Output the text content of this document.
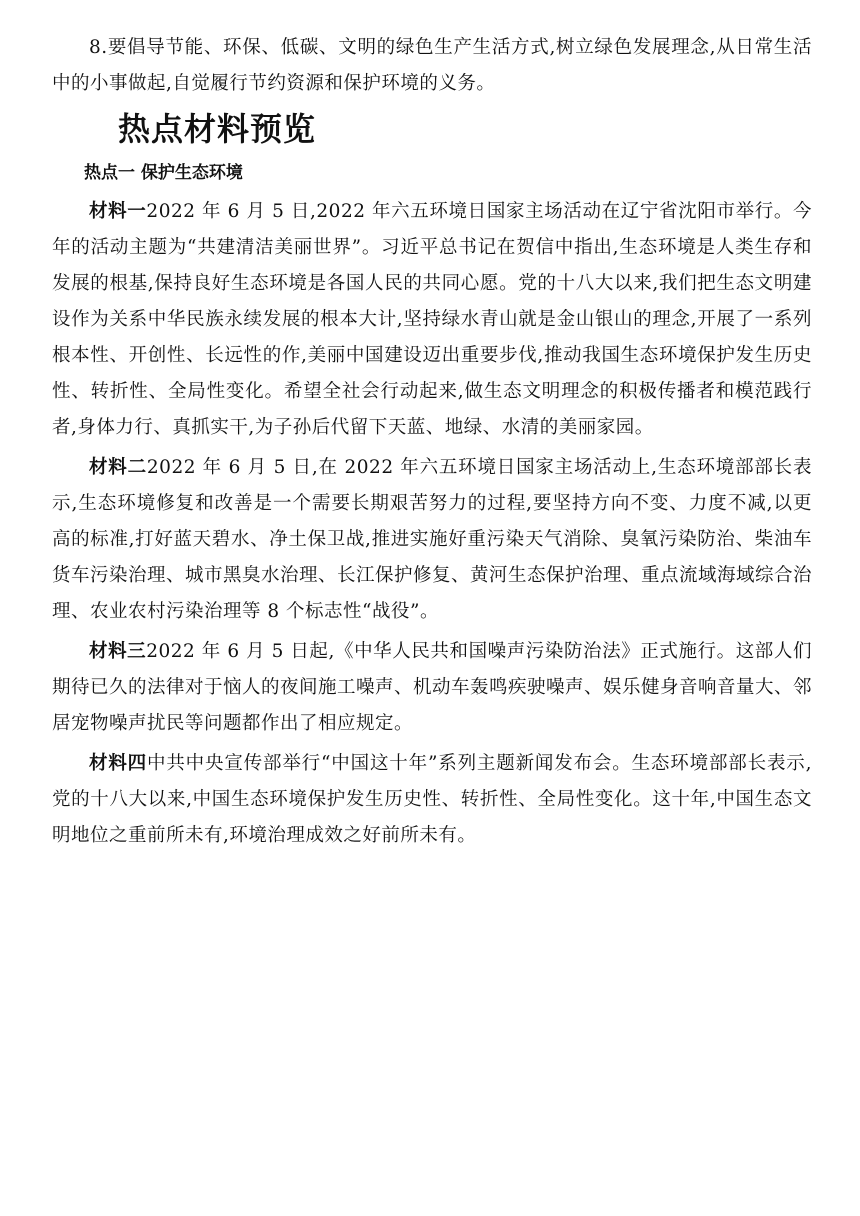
8.要倡导节能、环保、低碳、文明的绿色生产生活方式,树立绿色发展理念,从日常生活中的小事做起,自觉履行节约资源和保护环境的义务。

热点材料预览
热点一 保护生态环境

材料一2022 年 6 月 5 日,2022 年六五环境日国家主场活动在辽宁省沈阳市举行。今年的活动主题为“共建清洁美丽世界”。习近平总书记在贺信中指出,生态环境是人类生存和发展的根基,保持良好生态环境是各国人民的共同心愿。党的十八大以来,我们把生态文明建设作为关系中华民族永续发展的根本大计,坚持绿水青山就是金山银山的理念,开展了一系列根本性、开创性、长远性的作,美丽中国建设迈出重要步伐,推动我国生态环境保护发生历史性、转折性、全局性变化。希望全社会行动起来,做生态文明理念的积极传播者和模范践行者,身体力行、真抓实干,为子孙后代留下天蓝、地绿、水清的美丽家园。

材料二2022 年 6 月 5 日,在 2022 年六五环境日国家主场活动上,生态环境部部长表示,生态环境修复和改善是一个需要长期艰苦努力的过程,要坚持方向不变、力度不减,以更高的标准,打好蓝天碧水、净土保卫战,推进实施好重污染天气消除、臭氧污染防治、柴油车货车污染治理、城市黑臭水治理、长江保护修复、黄河生态保护治理、重点流域海域综合治理、农业农村污染治理等 8 个标志性“战役”。

材料三2022 年 6 月 5 日起,《中华人民共和国噪声污染防治法》正式施行。这部人们期待已久的法律对于恼人的夜间施工噪声、机动车轰鸣疾驶噪声、娱乐健身音响音量大、邻居宠物噪声扰民等问题都作出了相应规定。

材料四中共中央宣传部举行“中国这十年”系列主题新闻发布会。生态环境部部长表示,党的十八大以来,中国生态环境保护发生历史性、转折性、全局性变化。这十年,中国生态文明地位之重前所未有,环境治理成效之好前所未有。
